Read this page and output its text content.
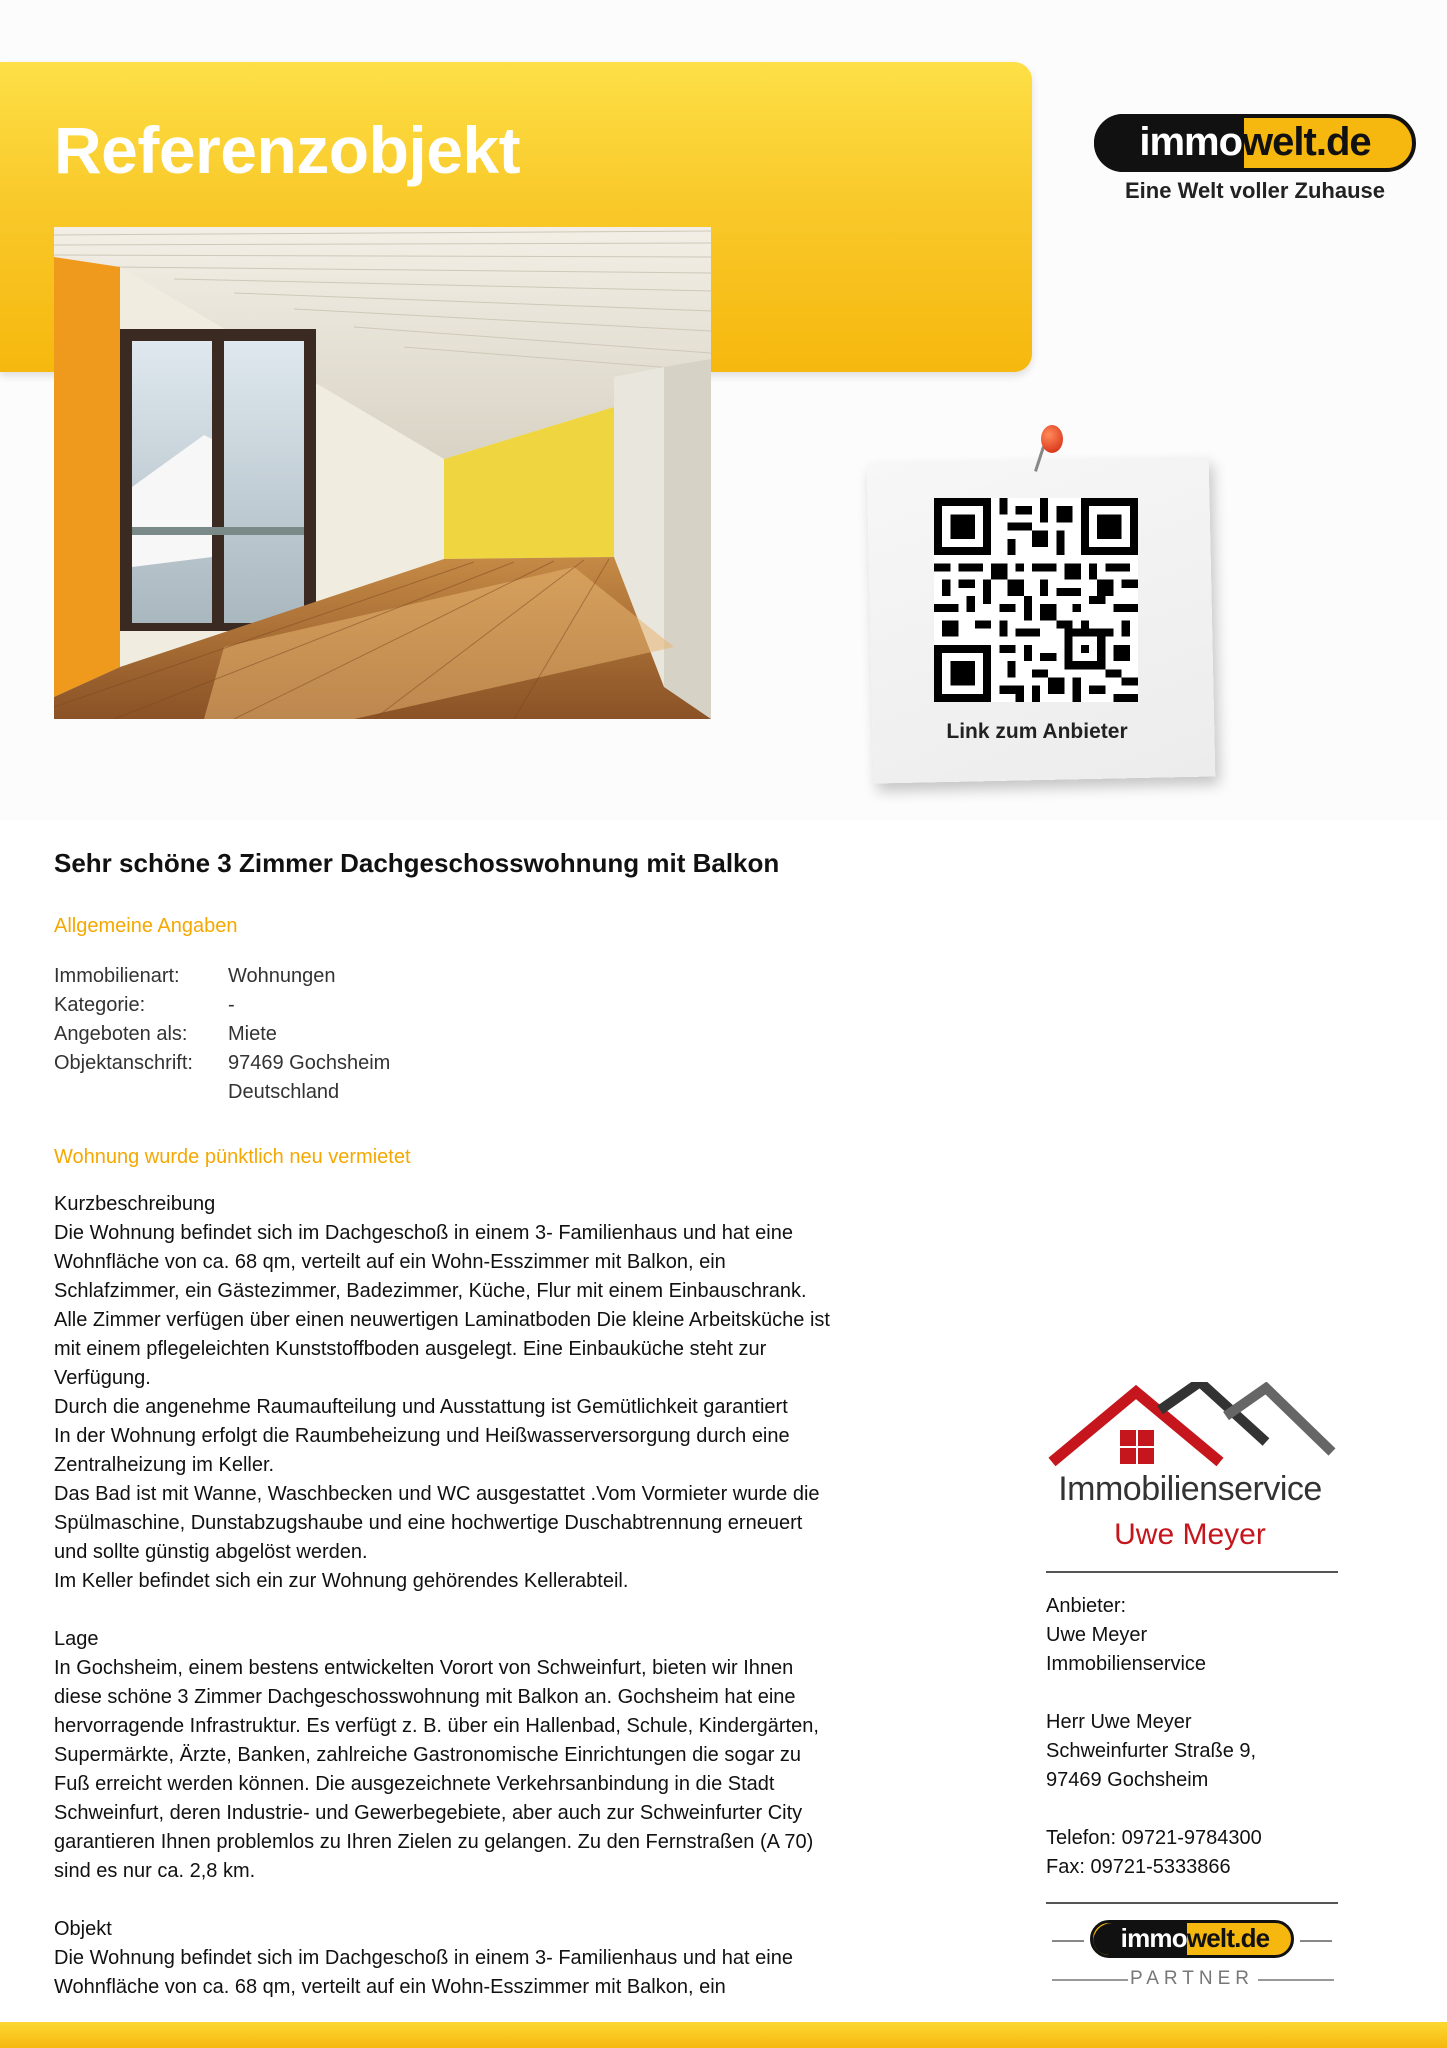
Referenzobjekt	immowelt.de
Eine Welt voller Zuhause
Link zum Anbieter
Sehr schöne 3 Zimmer Dachgeschosswohnung mit Balkon
Allgemeine Angaben
Immobilienart:	Wohnungen
Kategorie:	-
Angeboten als:	Miete
Objektanschrift:	97469 Gochsheim
Deutschland
Wohnung wurde pünktlich neu vermietet

Kurzbeschreibung

Die Wohnung befindet sich im Dachgeschoß in einem 3- Familienhaus und hat eine

Wohnfläche von ca. 68 qm, verteilt auf ein Wohn-Esszimmer mit Balkon, ein

Schlafzimmer, ein Gästezimmer, Badezimmer, Küche, Flur mit einem Einbauschrank.

Alle Zimmer verfügen über einen neuwertigen Laminatboden Die kleine Arbeitsküche ist

mit einem pflegeleichten Kunststoffboden ausgelegt. Eine Einbauküche steht zur

Verfügung.

Durch die angenehme Raumaufteilung und Ausstattung ist Gemütlichkeit garantiert

In der Wohnung erfolgt die Raumbeheizung und Heißwasserversorgung durch eine

Zentralheizung im Keller.

Das Bad ist mit Wanne, Waschbecken und WC ausgestattet .Vom Vormieter wurde die

Spülmaschine, Dunstabzugshaube und eine hochwertige Duschabtrennung erneuert

und sollte günstig abgelöst werden.

Im Keller befindet sich ein zur Wohnung gehörendes Kellerabteil.

Lage

In Gochsheim, einem bestens entwickelten Vorort von Schweinfurt, bieten wir Ihnen

diese schöne 3 Zimmer Dachgeschosswohnung mit Balkon an. Gochsheim hat eine

hervorragende Infrastruktur. Es verfügt z. B. über ein Hallenbad, Schule, Kindergärten,

Supermärkte, Ärzte, Banken, zahlreiche Gastronomische Einrichtungen die sogar zu

Fuß erreicht werden können. Die ausgezeichnete Verkehrsanbindung in die Stadt

Schweinfurt, deren Industrie- und Gewerbegebiete, aber auch zur Schweinfurter City

garantieren Ihnen problemlos zu Ihren Zielen zu gelangen. Zu den Fernstraßen (A 70)

sind es nur ca. 2,8 km.

Objekt

Die Wohnung befindet sich im Dachgeschoß in einem 3- Familienhaus und hat eine

Wohnfläche von ca. 68 qm, verteilt auf ein Wohn-Esszimmer mit Balkon, ein

Immobilienservice
Uwe Meyer
Anbieter:
Uwe Meyer
Immobilienservice
Herr Uwe Meyer
Schweinfurter Straße 9,
97469 Gochsheim
Telefon: 09721-9784300
Fax: 09721-5333866
immowelt.de
PARTNER
